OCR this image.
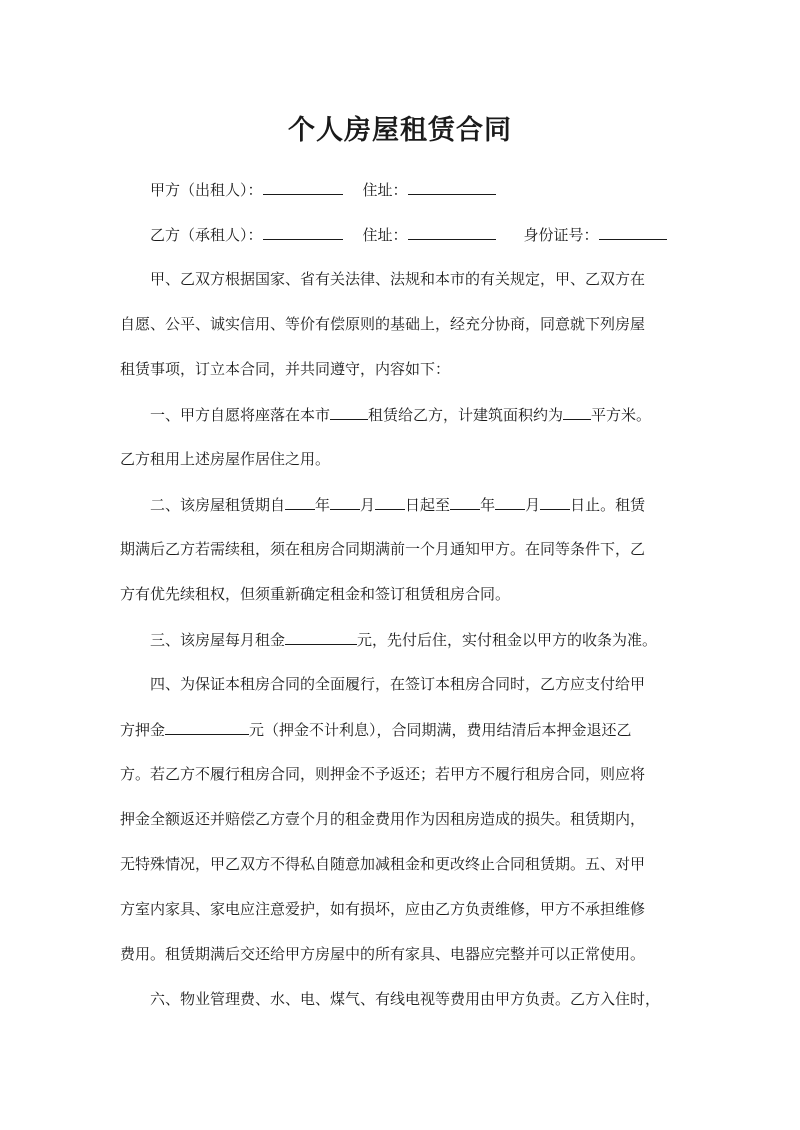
个人房屋租赁合同
甲方（出租人）：	住址：
乙方（承租人）：	住址：	身份证号：
甲、乙双方根据国家、省有关法律、法规和本市的有关规定，甲、乙双方在
自愿、公平、诚实信用、等价有偿原则的基础上，经充分协商，同意就下列房屋
租赁事项，订立本合同，并共同遵守，内容如下：
一、甲方自愿将座落在本市	租赁给乙方，计建筑面积约为 平方米。
乙方租用上述房屋作居住之用。
二、该房屋租赁期自 年 月 日起至 年 月 日止。租赁
期满后乙方若需续租，须在租房合同期满前一个月通知甲方。在同等条件下，乙
方有优先续租权，但须重新确定租金和签订租赁租房合同。
三、该房屋每月租金	元，先付后住，实付租金以甲方的收条为准。
四、为保证本租房合同的全面履行，在签订本租房合同时，乙方应支付给甲
方押金	元（押金不计利息），合同期满，费用结清后本押金退还乙
方。若乙方不履行租房合同，则押金不予返还；若甲方不履行租房合同，则应将
押金全额返还并赔偿乙方壹个月的租金费用作为因租房造成的损失。租赁期内，
无特殊情况，甲乙双方不得私自随意加减租金和更改终止合同租赁期。五、对甲
方室内家具、家电应注意爱护，如有损坏，应由乙方负责维修，甲方不承担维修
费用。租赁期满后交还给甲方房屋中的所有家具、电器应完整并可以正常使用。
六、物业管理费、水、电、煤气、有线电视等费用由甲方负责。乙方入住时，
